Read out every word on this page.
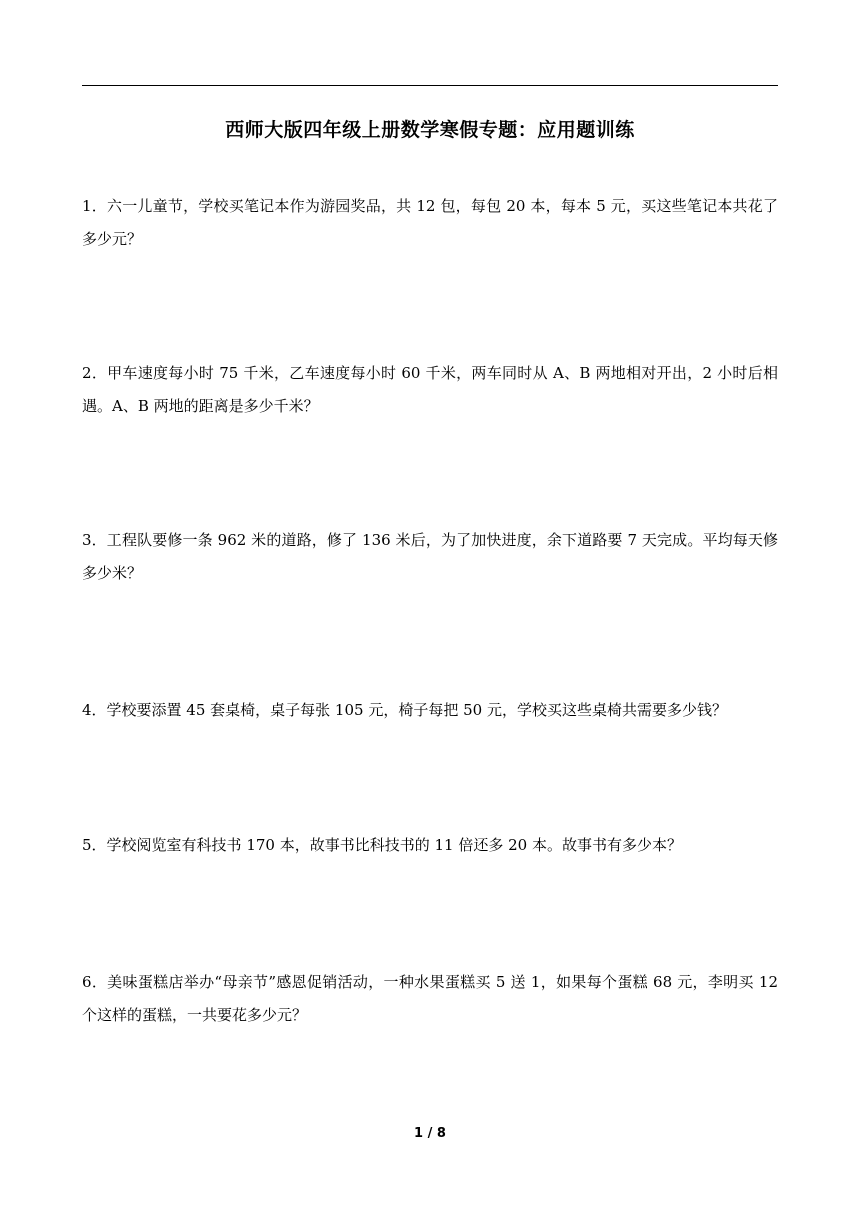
西师大版四年级上册数学寒假专题：应用题训练
1．六一儿童节，学校买笔记本作为游园奖品，共 12 包，每包 20 本，每本 5 元，买这些笔记本共花了多少元？
2．甲车速度每小时 75 千米，乙车速度每小时 60 千米，两车同时从 A、B 两地相对开出，2 小时后相遇。A、B 两地的距离是多少千米？
3．工程队要修一条 962 米的道路，修了 136 米后，为了加快进度，余下道路要 7 天完成。平均每天修多少米？
4．学校要添置 45 套桌椅，桌子每张 105 元，椅子每把 50 元，学校买这些桌椅共需要多少钱？
5．学校阅览室有科技书 170 本，故事书比科技书的 11 倍还多 20 本。故事书有多少本？
6．美味蛋糕店举办“母亲节”感恩促销活动，一种水果蛋糕买 5 送 1，如果每个蛋糕 68 元，李明买 12 个这样的蛋糕，一共要花多少元？
1 / 8
